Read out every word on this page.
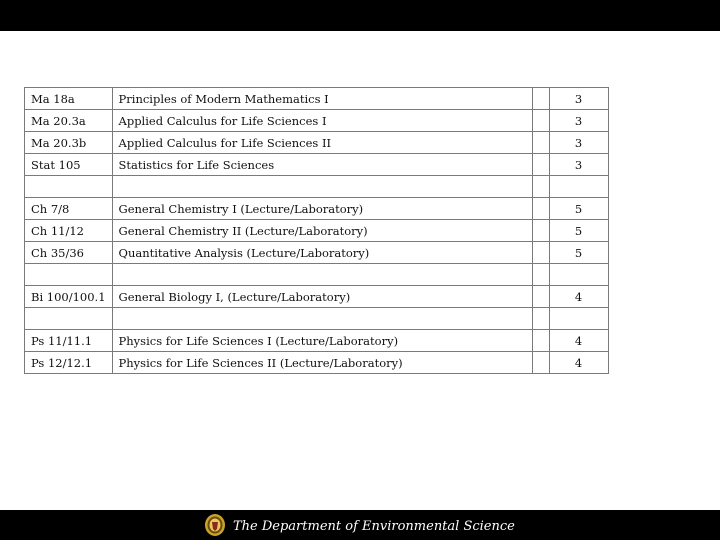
Ma 18a	Principles of Modern Mathematics I		3
Ma 20.3a	Applied Calculus for Life Sciences I		3
Ma 20.3b	Applied Calculus for Life Sciences II		3
Stat 105	Statistics for Life Sciences		3

Ch 7/8	General Chemistry I (Lecture/Laboratory)		5
Ch 11/12	General Chemistry II (Lecture/Laboratory)		5
Ch 35/36	Quantitative Analysis (Lecture/Laboratory)		5

Bi 100/100.1	General Biology I, (Lecture/Laboratory)		4

Ps 11/11.1	Physics for Life Sciences I (Lecture/Laboratory)		4
Ps 12/12.1	Physics for Life Sciences II (Lecture/Laboratory)		4
The Department of Environmental Science
